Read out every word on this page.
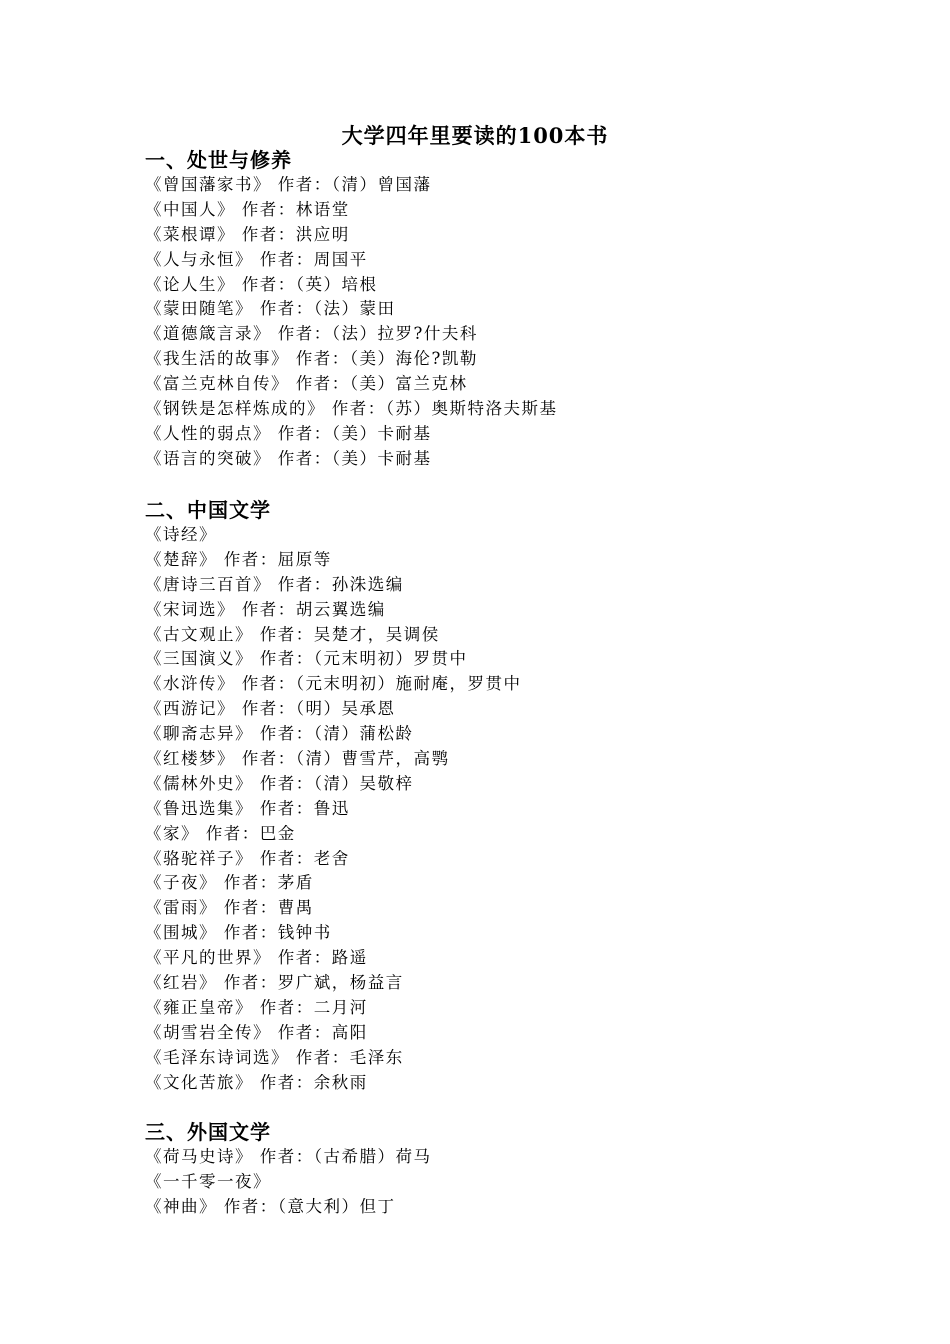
大学四年里要读的100本书
一、处世与修养
《曾国藩家书》 作者：（清）曾国藩
《中国人》 作者：林语堂
《菜根谭》 作者：洪应明
《人与永恒》 作者：周国平
《论人生》 作者：（英）培根
《蒙田随笔》 作者：（法）蒙田
《道德箴言录》 作者：（法）拉罗?什夫科
《我生活的故事》 作者：（美）海伦?凯勒
《富兰克林自传》 作者：（美）富兰克林
《钢铁是怎样炼成的》 作者：（苏）奥斯特洛夫斯基
《人性的弱点》 作者：（美）卡耐基
《语言的突破》 作者：（美）卡耐基
二、中国文学
《诗经》
《楚辞》 作者：屈原等
《唐诗三百首》 作者：孙洙选编
《宋词选》 作者：胡云翼选编
《古文观止》 作者：吴楚才，吴调侯
《三国演义》 作者：（元末明初）罗贯中
《水浒传》 作者：（元末明初）施耐庵，罗贯中
《西游记》 作者：（明）吴承恩
《聊斋志异》 作者：（清）蒲松龄
《红楼梦》 作者：（清）曹雪芹，高鹗
《儒林外史》 作者：（清）吴敬梓
《鲁迅选集》 作者：鲁迅
《家》 作者：巴金
《骆驼祥子》 作者：老舍
《子夜》 作者：茅盾
《雷雨》 作者：曹禺
《围城》 作者：钱钟书
《平凡的世界》 作者：路遥
《红岩》 作者：罗广斌，杨益言
《雍正皇帝》 作者：二月河
《胡雪岩全传》 作者：高阳
《毛泽东诗词选》 作者：毛泽东
《文化苦旅》 作者：余秋雨
三、外国文学
《荷马史诗》 作者：（古希腊）荷马
《一千零一夜》
《神曲》 作者：（意大利）但丁
